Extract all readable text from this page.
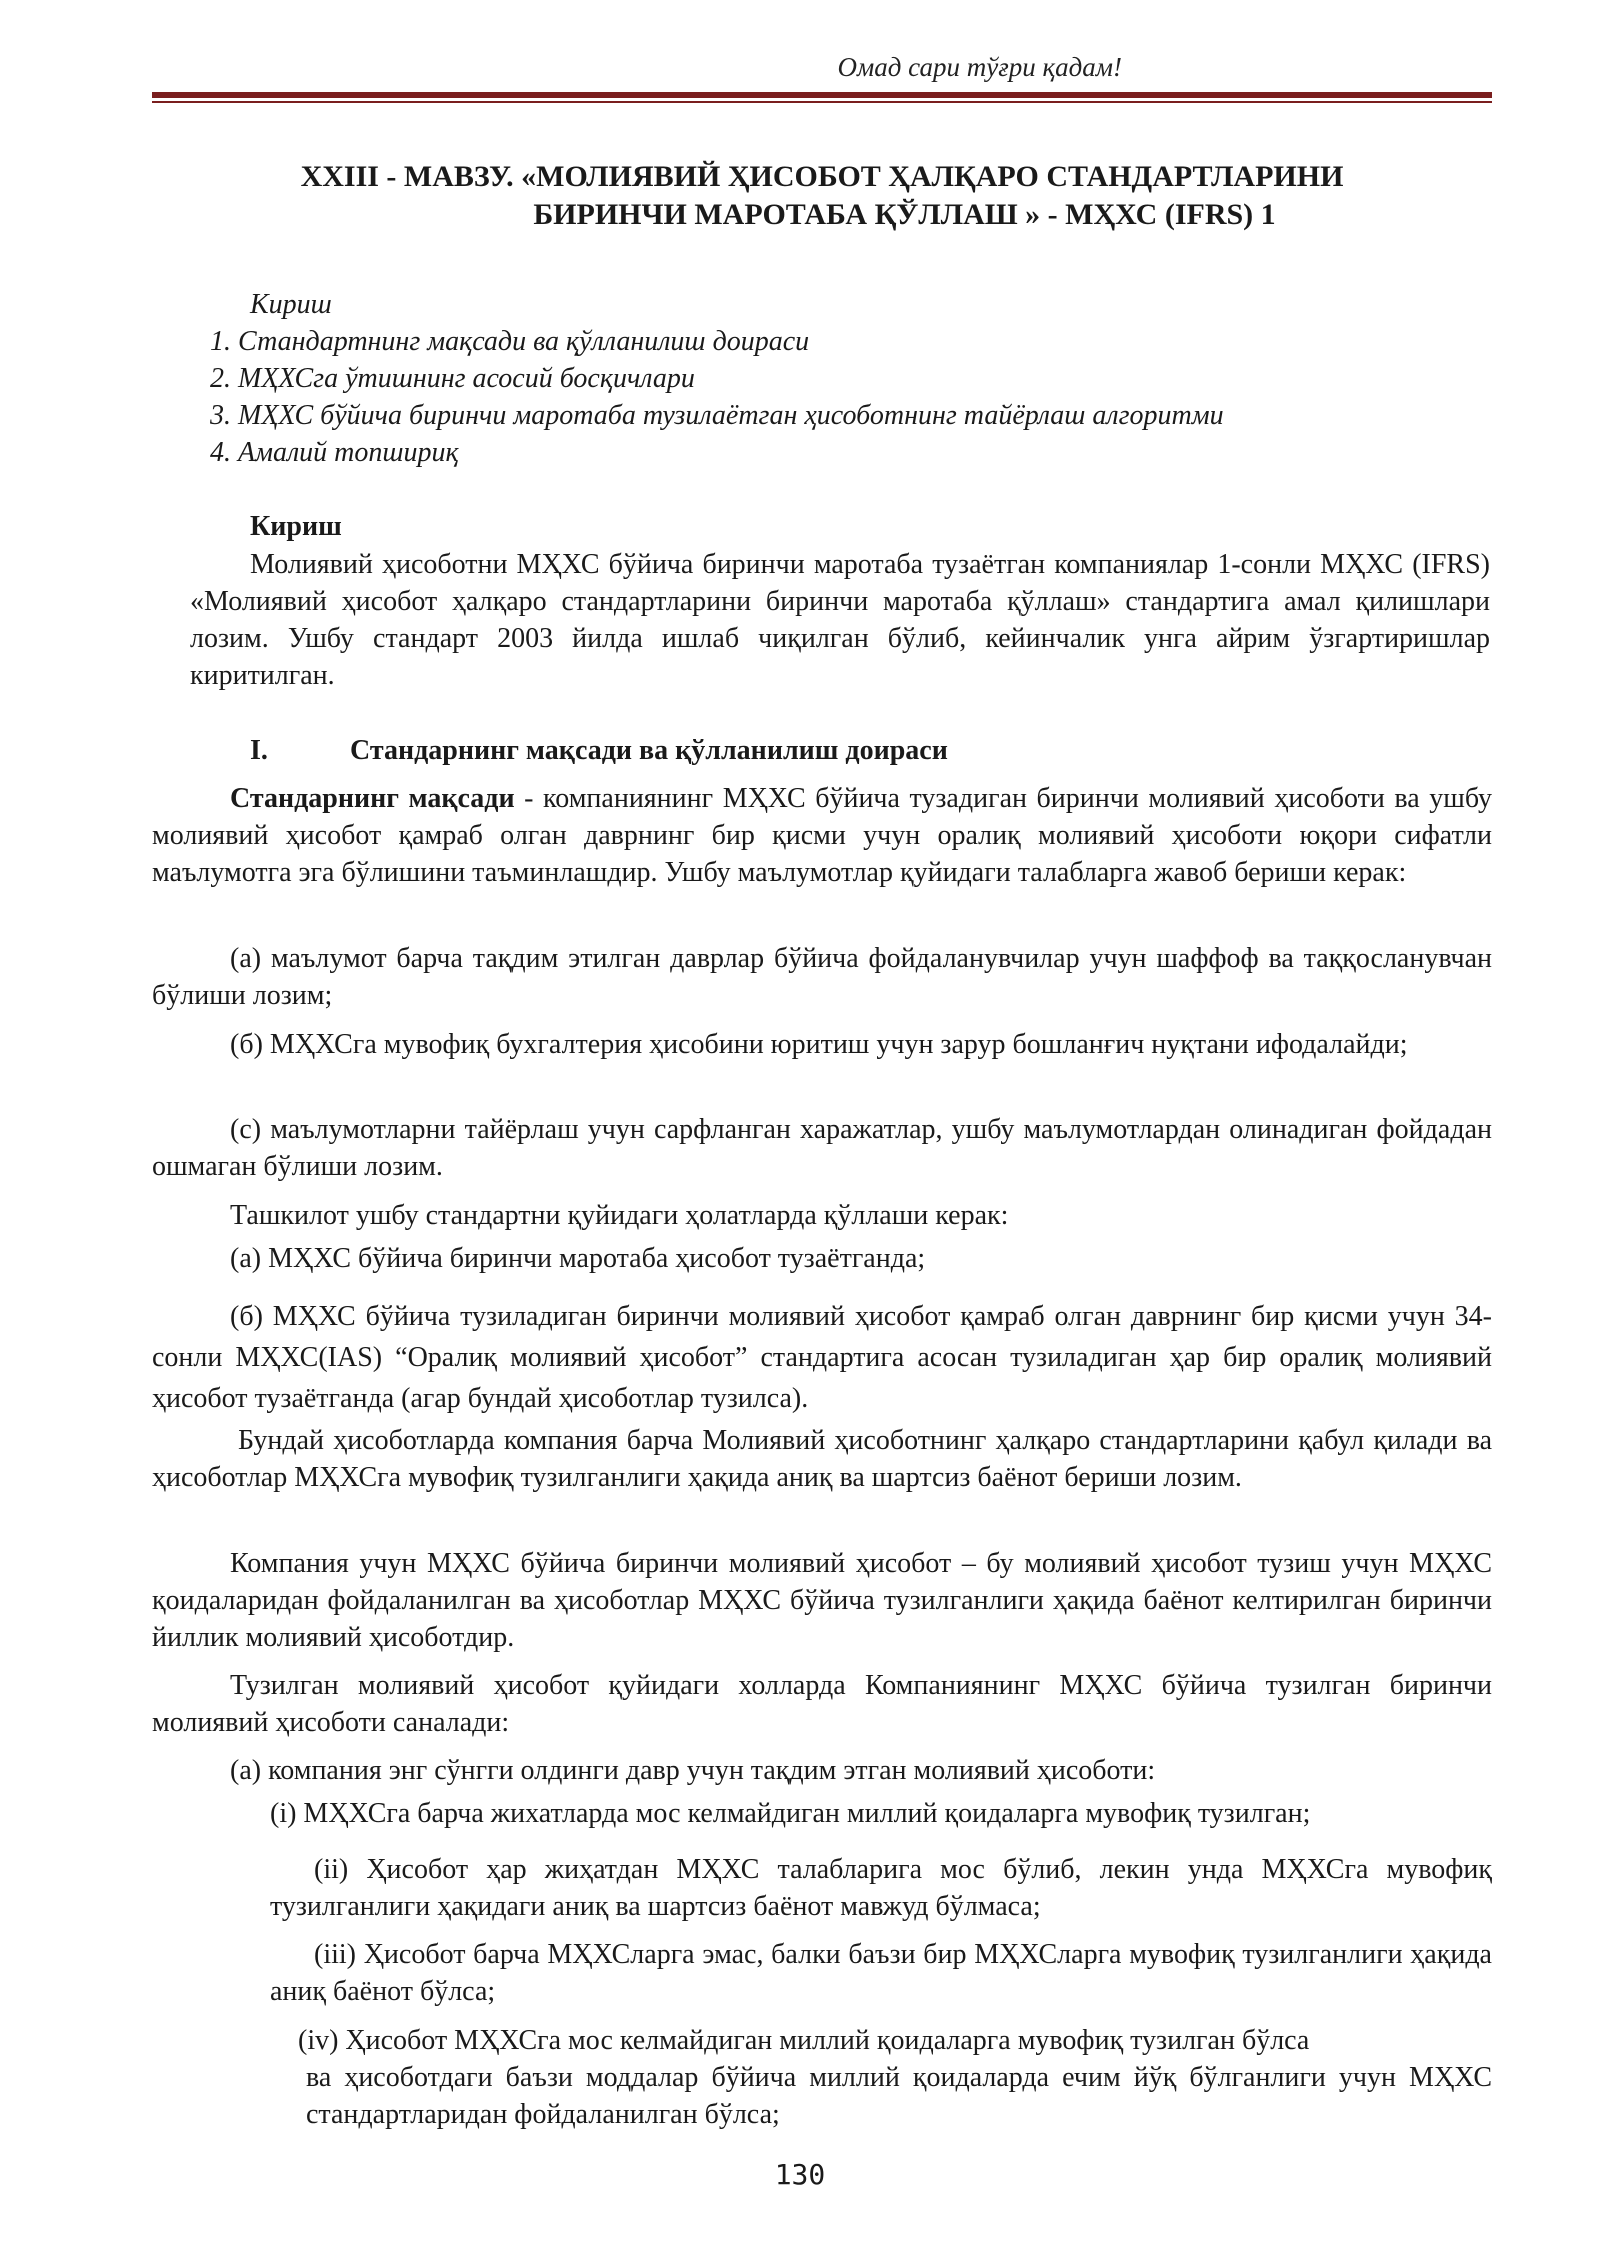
Омад сари тўғри қадам!
XXIII - МАВЗУ. «МОЛИЯВИЙ ҲИСОБОТ ҲАЛҚАРО СТАНДАРТЛАРИНИ
БИРИНЧИ МАРОТАБА ҚЎЛЛАШ » - МҲХС (IFRS) 1
Кириш
1. Стандартнинг мақсади ва қўлланилиш доираси
2. МҲХСга ўтишнинг асосий босқичлари
3. МҲХС бўйича биринчи маротаба тузилаётган ҳисоботнинг тайёрлаш алгоритми
4. Амалий топшириқ
Кириш
Молиявий ҳисоботни МҲХС бўйича биринчи маротаба тузаётган компаниялар 1-сонли МҲХС (IFRS) «Молиявий ҳисобот ҳалқаро стандартларини биринчи маротаба қўллаш» стандартига амал қилишлари лозим. Ушбу стандарт 2003 йилда ишлаб чиқилган бўлиб, кейинчалик унга айрим ўзгартиришлар киритилган.
I.	Стандарнинг мақсади ва қўлланилиш доираси
Стандарнинг мақсади - компаниянинг МҲХС бўйича тузадиган биринчи молиявий ҳисоботи ва ушбу молиявий ҳисобот қамраб олган даврнинг бир қисми учун оралиқ молиявий ҳисоботи юқори сифатли маълумотга эга бўлишини таъминлашдир. Ушбу маълумотлар қуйидаги талабларга жавоб бериши керак:
(а) маълумот барча тақдим этилган даврлар бўйича фойдаланувчилар учун шаффоф ва таққосланувчан бўлиши лозим;
(б) МҲХСга мувофиқ бухгалтерия ҳисобини юритиш учун зарур бошланғич нуқтани ифодалайди;
(с) маълумотларни тайёрлаш учун сарфланган харажатлар, ушбу маълумотлардан олинадиган фойдадан ошмаган бўлиши лозим.
Ташкилот ушбу стандартни қуйидаги ҳолатларда қўллаши керак:
(а) МҲХС бўйича биринчи маротаба ҳисобот тузаётганда;
(б) МҲХС бўйича тузиладиган биринчи молиявий ҳисобот қамраб олган даврнинг бир қисми учун 34-сонли МҲХС(IAS) “Оралиқ молиявий ҳисобот” стандартига асосан тузиладиган ҳар бир оралиқ молиявий ҳисобот тузаётганда (агар бундай ҳисоботлар тузилса).
Бундай ҳисоботларда компания барча Молиявий ҳисоботнинг ҳалқаро стандартларини қабул қилади ва ҳисоботлар МҲХСга мувофиқ тузилганлиги ҳақида аниқ ва шартсиз баёнот бериши лозим.
Компания учун МҲХС бўйича биринчи молиявий ҳисобот – бу молиявий ҳисобот тузиш учун МҲХС қоидаларидан фойдаланилган ва ҳисоботлар МҲХС бўйича тузилганлиги ҳақида баёнот келтирилган биринчи йиллик молиявий ҳисоботдир.
Тузилган молиявий ҳисобот қуйидаги холларда Компаниянинг МҲХС бўйича тузилган биринчи молиявий ҳисоботи саналади:
(а) компания энг сўнгги олдинги давр учун тақдим этган молиявий ҳисоботи:
(i) МҲХСга барча жихатларда мос келмайдиган миллий қоидаларга мувофиқ тузилган;
(ii) Ҳисобот ҳар жиҳатдан МҲХС талабларига мос бўлиб, лекин унда МҲХСга мувофиқ тузилганлиги ҳақидаги аниқ ва шартсиз баёнот мавжуд бўлмаса;
(iii) Ҳисобот барча МҲХСларга эмас, балки баъзи бир МҲХСларга мувофиқ тузилганлиги ҳақида аниқ баёнот бўлса;
(iv) Ҳисобот МҲХСга мос келмайдиган миллий қоидаларга мувофиқ тузилган бўлса
ва ҳисоботдаги баъзи моддалар бўйича миллий қоидаларда ечим йўқ бўлганлиги учун МҲХС стандартларидан фойдаланилган бўлса;
130
